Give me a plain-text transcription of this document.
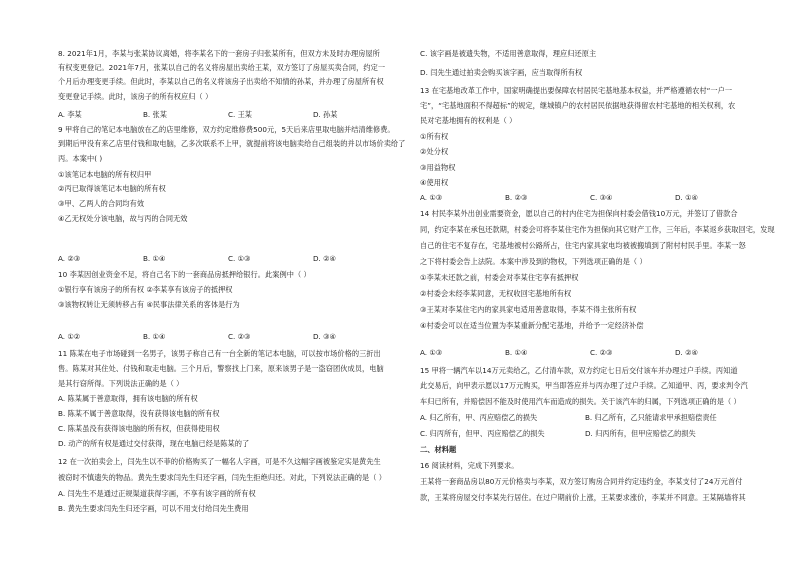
8. 2021年1月，李某与张某协议离婚，将李某名下的一套房子归张某所有，但双方未及时办理房屋所
有权变更登记。2021年7月，张某以自己的名义将房屋出卖给王某，双方签订了房屋买卖合同，约定一
个月后办理变更手续。但此时，李某以自己的名义将该房子出卖给不知情的孙某，并办理了房屋所有权
变更登记手续。此时，该房子的所有权应归（ ）
A. 李某	B. 张某	C. 王某	D. 孙某
9 甲将自己的笔记本电脑放在乙的店里维修，双方约定维修费500元，5天后来店里取电脑并结清维修费。
到期后甲没有来乙店里付钱和取电脑，乙多次联系不上甲，就提前将该电脑卖给自己组装的并以市场价卖给了
丙。本案中( )
①该笔记本电脑的所有权归甲
②丙已取得该笔记本电脑的所有权
③甲、乙两人的合同均有效
④乙无权处分该电脑，故与丙的合同无效
A. ②③	B. ①④	C. ①③	D. ②④
10 李某因创业资金不足，将自己名下的一套商品房抵押给银行。此案例中（ ）
①银行享有该房子的所有权 ②李某享有该房子的抵押权
③该物权转让无须转移占有 ④民事法律关系的客体是行为
A. ①②	B. ①④	C. ②③	D. ③④
11 陈某在电子市场碰到一名男子，该男子称自己有一台全新的笔记本电脑，可以按市场价格的三折出
售。陈某对其住处、付钱和取走电脑。三个月后，警察找上门来，原来该男子是一盗窃团伙成员，电脑
是其行窃所得。下列说法正确的是（ ）
A. 陈某属于善意取得，拥有该电脑的所有权
B. 陈某不属于善意取得，没有获得该电脑的所有权
C. 陈某虽没有获得该电脑的所有权，但获得使用权
D. 动产的所有权是通过交付获得，现在电脑已经是陈某的了
12 在一次拍卖会上，闫先生以不菲的价格购买了一幅名人字画，可是不久这幅字画被鉴定实是黄先生
被窃时不慎遗失的物品。黄先生要求闫先生归还字画，闫先生拒绝归还。对此，下列说法正确的是（ ）
A. 闫先生不是通过正规渠道获得字画，不享有该字画的所有权
B. 黄先生要求闫先生归还字画，可以不用支付给闫先生费用
C. 该字画是被遗失物，不适用善意取得，理应归还原主
D. 闫先生通过拍卖会购买该字画，应当取得所有权
13 在宅基地改革工作中，国家明确提出要保障农村居民宅基地基本权益，并严格遵循农村“一户一
宅”，“宅基地面积不得超标”的规定，继城镇户的农村居民依据地获得留农村宅基地的相关权利，农
民对宅基地拥有的权利是（ ）
①所有权
②处分权
③用益物权
④使用权
A. ①③	B. ②③	C. ③④	D. ①④
14 村民李某外出创业需要资金，愿以自己的村内住宅为担保向村委会借钱10万元，并签订了借款合
同，约定李某在承包还款期，村委会可将李某住宅作为担保向其它财产工作，三年后，李某返乡获取回宅，发现
自己的住宅不复存在，宅基地被村公路所占，住宅内家具家电均被被搬填到了附村村民手里。李某一怒
之下将村委会告上法院。本案中涉及到的物权，下列选项正确的是（ ）
①李某未还款之前，村委会对李某住宅享有抵押权
②村委会未经李某同意，无权收回宅基地所有权
③王某对李某住宅内的家具家电适用善意取得，李某不得主张所有权
④村委会可以在适当位置为李某重新分配宅基地，并给予一定经济补偿
A. ①③	B. ①④	C. ②③	D. ②④
15 甲将一辆汽车以14万元卖给乙，乙付清车款，双方约定七日后交付该车并办理过户手续。丙知道
此交易后，向甲表示愿以17万元购买，甲当即答应并与丙办理了过户手续。乙知道甲、丙，要求判令汽
车归已所有，并赔偿因不能及时使用汽车而造成的损失。关于该汽车的归属，下列选项正确的是（ ）
A. 归乙所有，甲、丙应赔偿乙的损失	B. 归乙所有，乙只能请求甲承担赔偿责任
C. 归丙所有，但甲、丙应赔偿乙的损失	D. 归丙所有，但甲应赔偿乙的损失
二、材料题
16 阅读材料，完成下列要求。
王某将一套商品房以80万元价格卖与李某，双方签订购房合同并约定违约金，李某支付了24万元首付
款，王某将房屋交付李某先行居住。在过户期前价上涨，王某要求涨价，李某并不同意。王某隔墙将其
